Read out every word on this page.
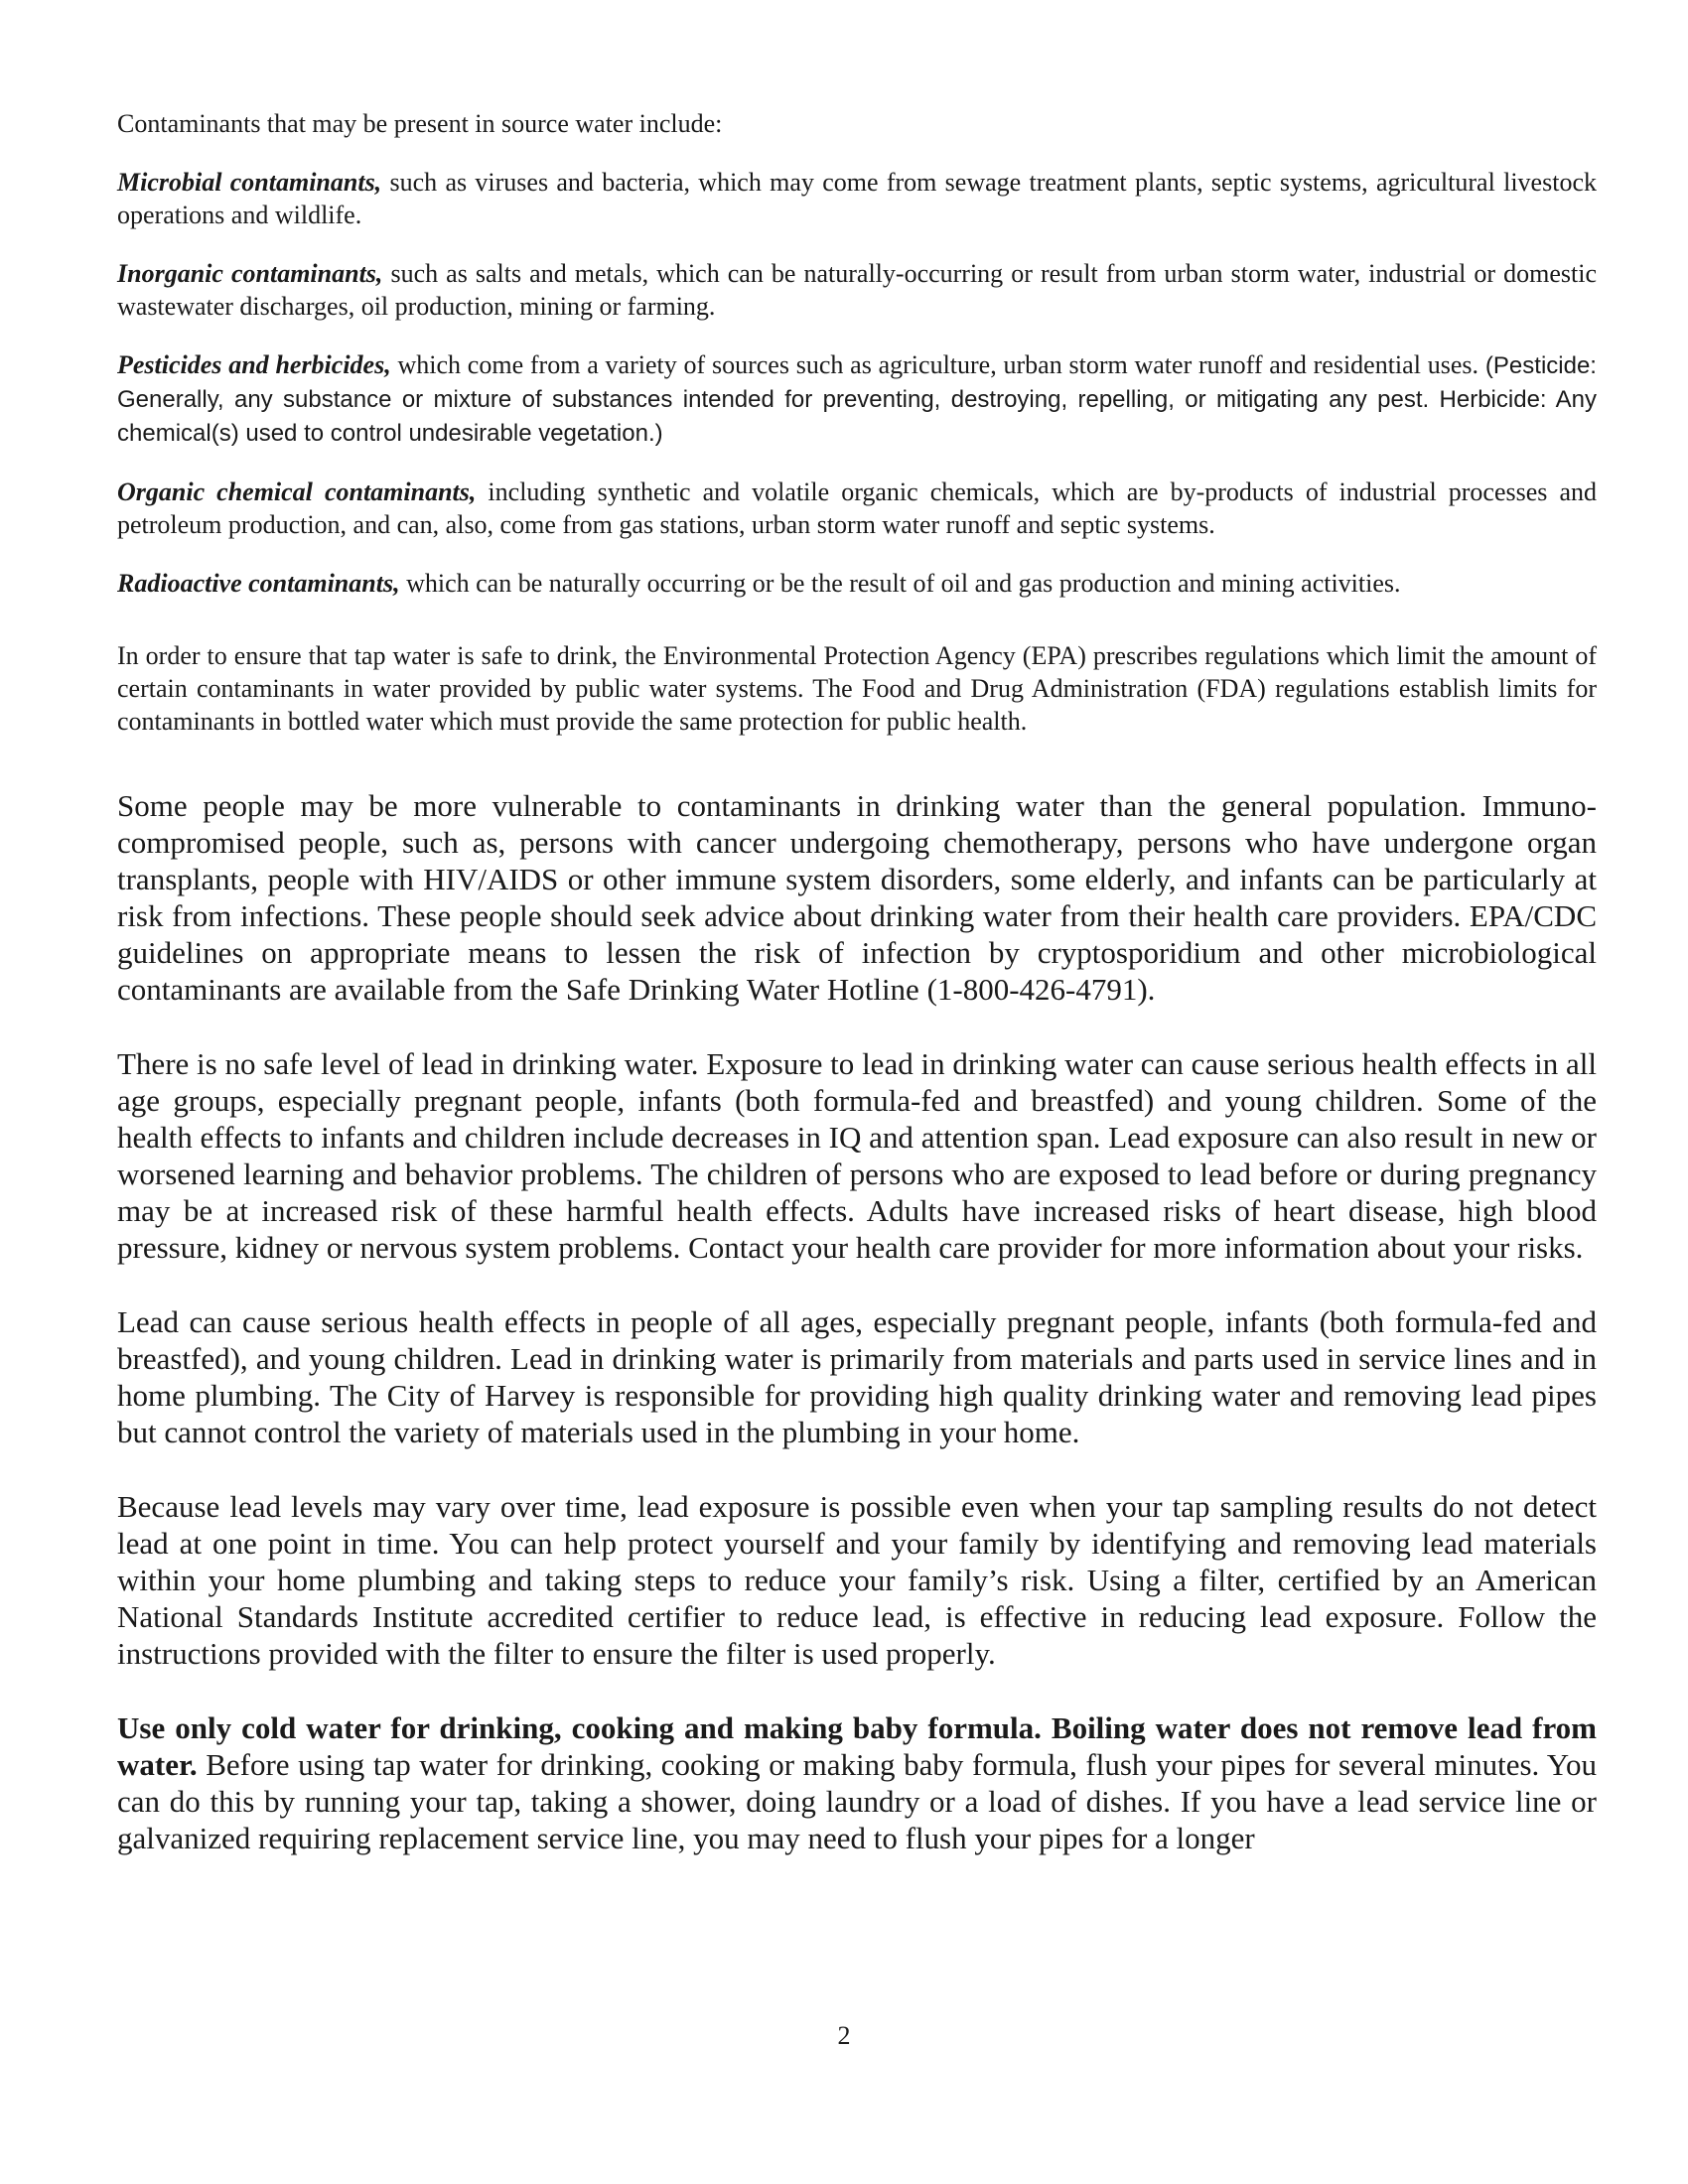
Contaminants that may be present in source water include:

Microbial contaminants, such as viruses and bacteria, which may come from sewage treatment plants, septic systems, agricultural livestock operations and wildlife.

Inorganic contaminants, such as salts and metals, which can be naturally-occurring or result from urban storm water, industrial or domestic wastewater discharges, oil production, mining or farming.

Pesticides and herbicides, which come from a variety of sources such as agriculture, urban storm water runoff and residential uses. (Pesticide: Generally, any substance or mixture of substances intended for preventing, destroying, repelling, or mitigating any pest. Herbicide: Any chemical(s) used to control undesirable vegetation.)

Organic chemical contaminants, including synthetic and volatile organic chemicals, which are by-products of industrial processes and petroleum production, and can, also, come from gas stations, urban storm water runoff and septic systems.

Radioactive contaminants, which can be naturally occurring or be the result of oil and gas production and mining activities.

In order to ensure that tap water is safe to drink, the Environmental Protection Agency (EPA) prescribes regulations which limit the amount of certain contaminants in water provided by public water systems. The Food and Drug Administration (FDA) regulations establish limits for contaminants in bottled water which must provide the same protection for public health.

Some people may be more vulnerable to contaminants in drinking water than the general population. Immuno-compromised people, such as, persons with cancer undergoing chemotherapy, persons who have undergone organ transplants, people with HIV/AIDS or other immune system disorders, some elderly, and infants can be particularly at risk from infections. These people should seek advice about drinking water from their health care providers. EPA/CDC guidelines on appropriate means to lessen the risk of infection by cryptosporidium and other microbiological contaminants are available from the Safe Drinking Water Hotline (1-800-426-4791).

There is no safe level of lead in drinking water. Exposure to lead in drinking water can cause serious health effects in all age groups, especially pregnant people, infants (both formula-fed and breastfed) and young children. Some of the health effects to infants and children include decreases in IQ and attention span. Lead exposure can also result in new or worsened learning and behavior problems. The children of persons who are exposed to lead before or during pregnancy may be at increased risk of these harmful health effects. Adults have increased risks of heart disease, high blood pressure, kidney or nervous system problems. Contact your health care provider for more information about your risks.

Lead can cause serious health effects in people of all ages, especially pregnant people, infants (both formula-fed and breastfed), and young children. Lead in drinking water is primarily from materials and parts used in service lines and in home plumbing. The City of Harvey is responsible for providing high quality drinking water and removing lead pipes but cannot control the variety of materials used in the plumbing in your home.

Because lead levels may vary over time, lead exposure is possible even when your tap sampling results do not detect lead at one point in time. You can help protect yourself and your family by identifying and removing lead materials within your home plumbing and taking steps to reduce your family’s risk. Using a filter, certified by an American National Standards Institute accredited certifier to reduce lead, is effective in reducing lead exposure. Follow the instructions provided with the filter to ensure the filter is used properly.

Use only cold water for drinking, cooking and making baby formula. Boiling water does not remove lead from water. Before using tap water for drinking, cooking or making baby formula, flush your pipes for several minutes. You can do this by running your tap, taking a shower, doing laundry or a load of dishes. If you have a lead service line or galvanized requiring replacement service line, you may need to flush your pipes for a longer

2
